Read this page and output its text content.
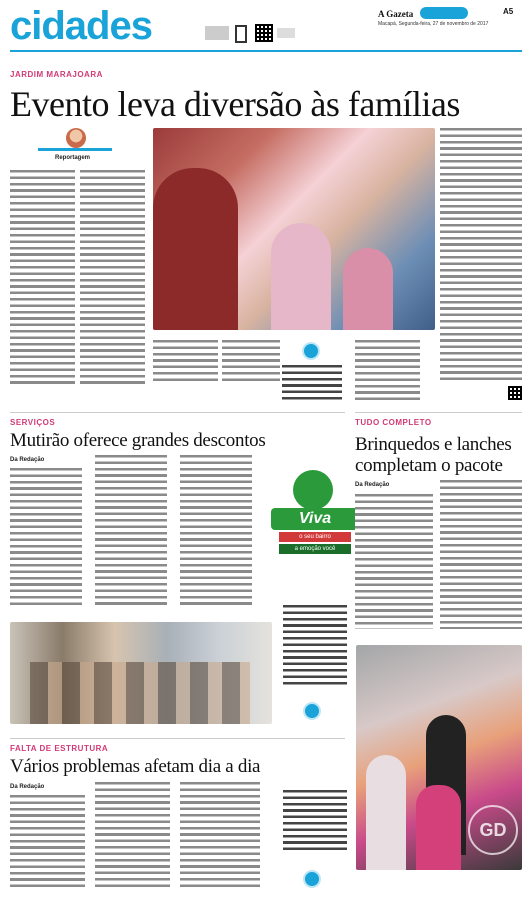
cidades	A Gazeta	A5
Macapá, Segunda-feira, 27 de novembro de 2017
JARDIM MARAJOARA
Evento leva diversão às famílias
Reportagem
SERVIÇOS
Mutirão oferece grandes descontos
Da Redação
Viva
o seu bairro
a emoção você
TUDO COMPLETO
Brinquedos e lanches completam o pacote
Da Redação
GD
FALTA DE ESTRUTURA
Vários problemas afetam dia a dia
Da Redação
